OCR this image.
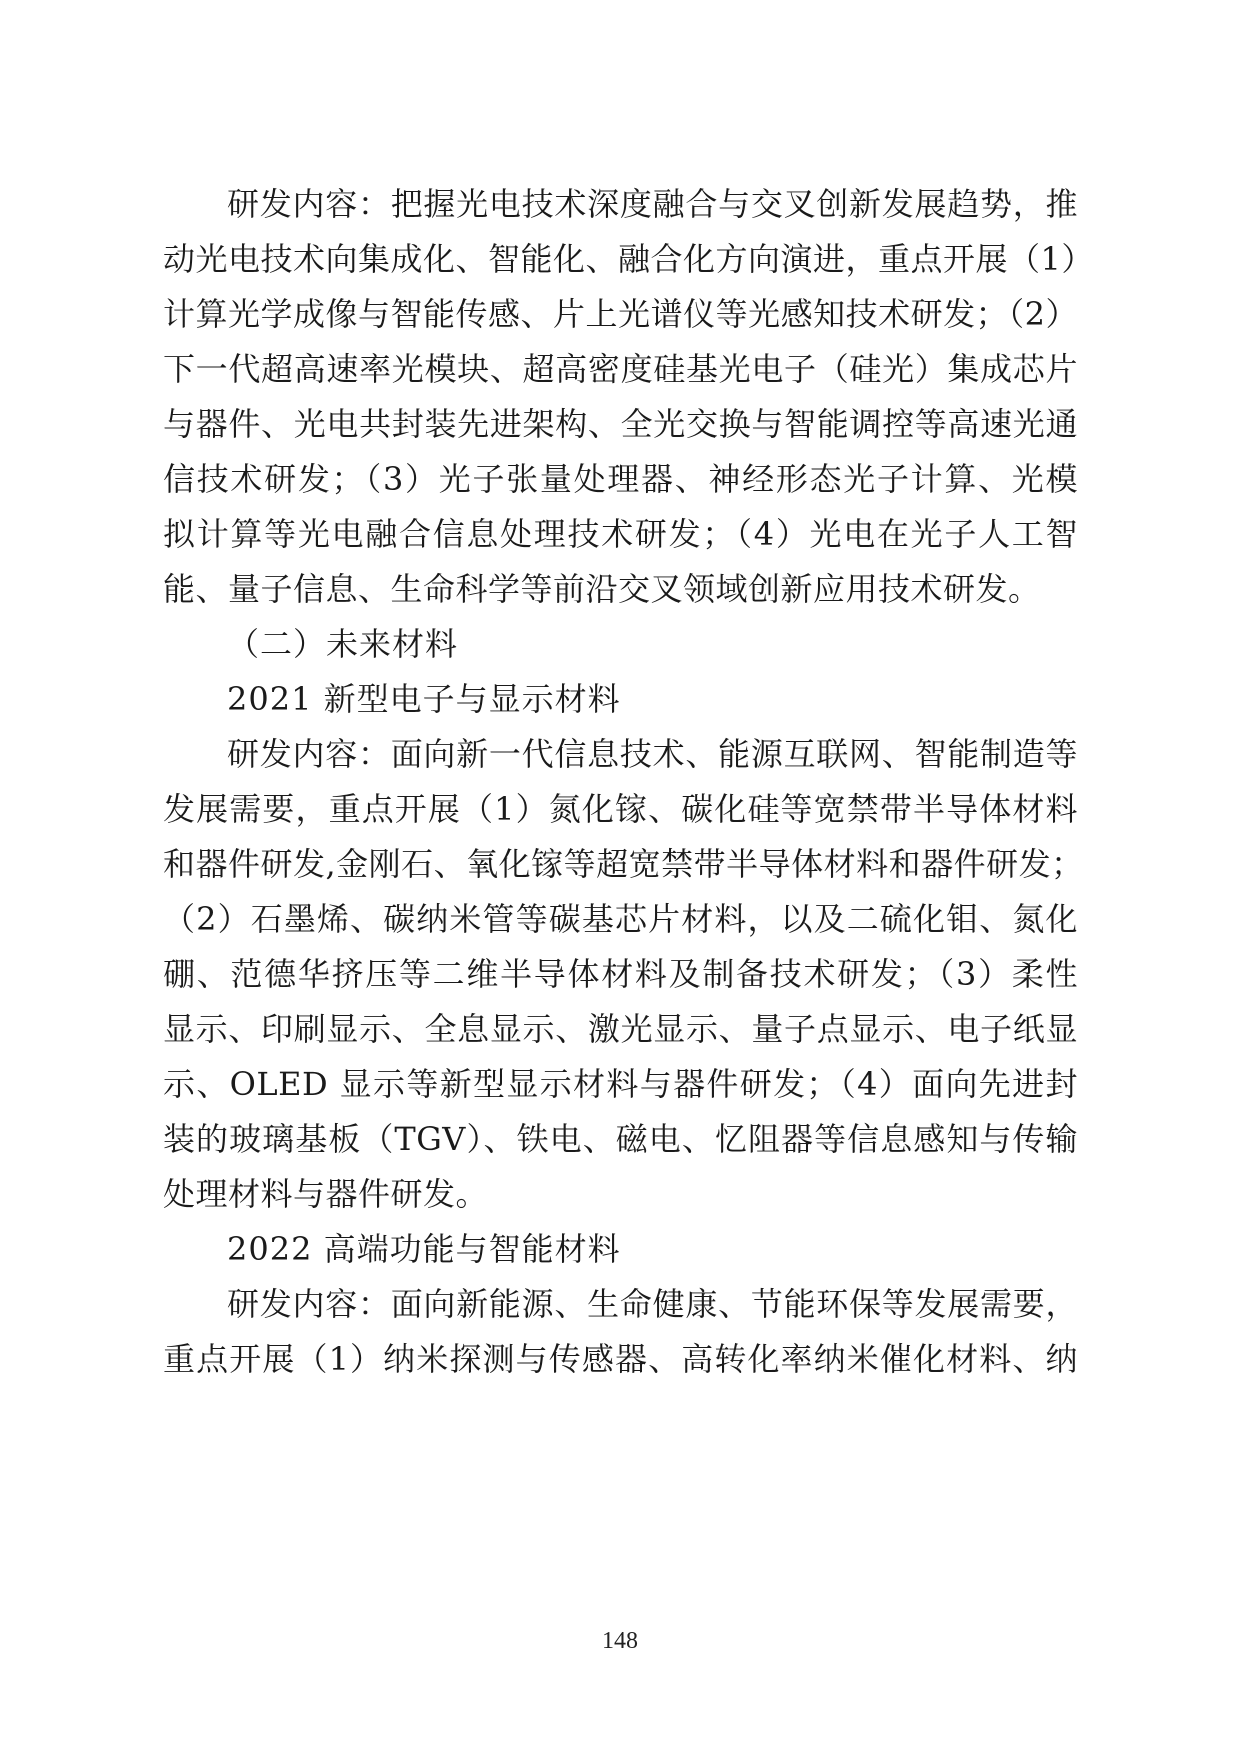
研发内容：把握光电技术深度融合与交叉创新发展趋势，推
动光电技术向集成化、智能化、融合化方向演进，重点开展（1）
计算光学成像与智能传感、片上光谱仪等光感知技术研发；（2）
下一代超高速率光模块、超高密度硅基光电子（硅光）集成芯片
与器件、光电共封装先进架构、全光交换与智能调控等高速光通
信技术研发；（3）光子张量处理器、神经形态光子计算、光模
拟计算等光电融合信息处理技术研发；（4）光电在光子人工智
能、量子信息、生命科学等前沿交叉领域创新应用技术研发。
（二）未来材料
2021 新型电子与显示材料
研发内容：面向新一代信息技术、能源互联网、智能制造等
发展需要，重点开展（1）氮化镓、碳化硅等宽禁带半导体材料
和器件研发,金刚石、氧化镓等超宽禁带半导体材料和器件研发；
（2）石墨烯、碳纳米管等碳基芯片材料，以及二硫化钼、氮化
硼、范德华挤压等二维半导体材料及制备技术研发；（3）柔性
显示、印刷显示、全息显示、激光显示、量子点显示、电子纸显
示、OLED 显示等新型显示材料与器件研发；（4）面向先进封
装的玻璃基板（TGV）、铁电、磁电、忆阻器等信息感知与传输
处理材料与器件研发。
2022 高端功能与智能材料
研发内容：面向新能源、生命健康、节能环保等发展需要，
重点开展（1）纳米探测与传感器、高转化率纳米催化材料、纳
148
